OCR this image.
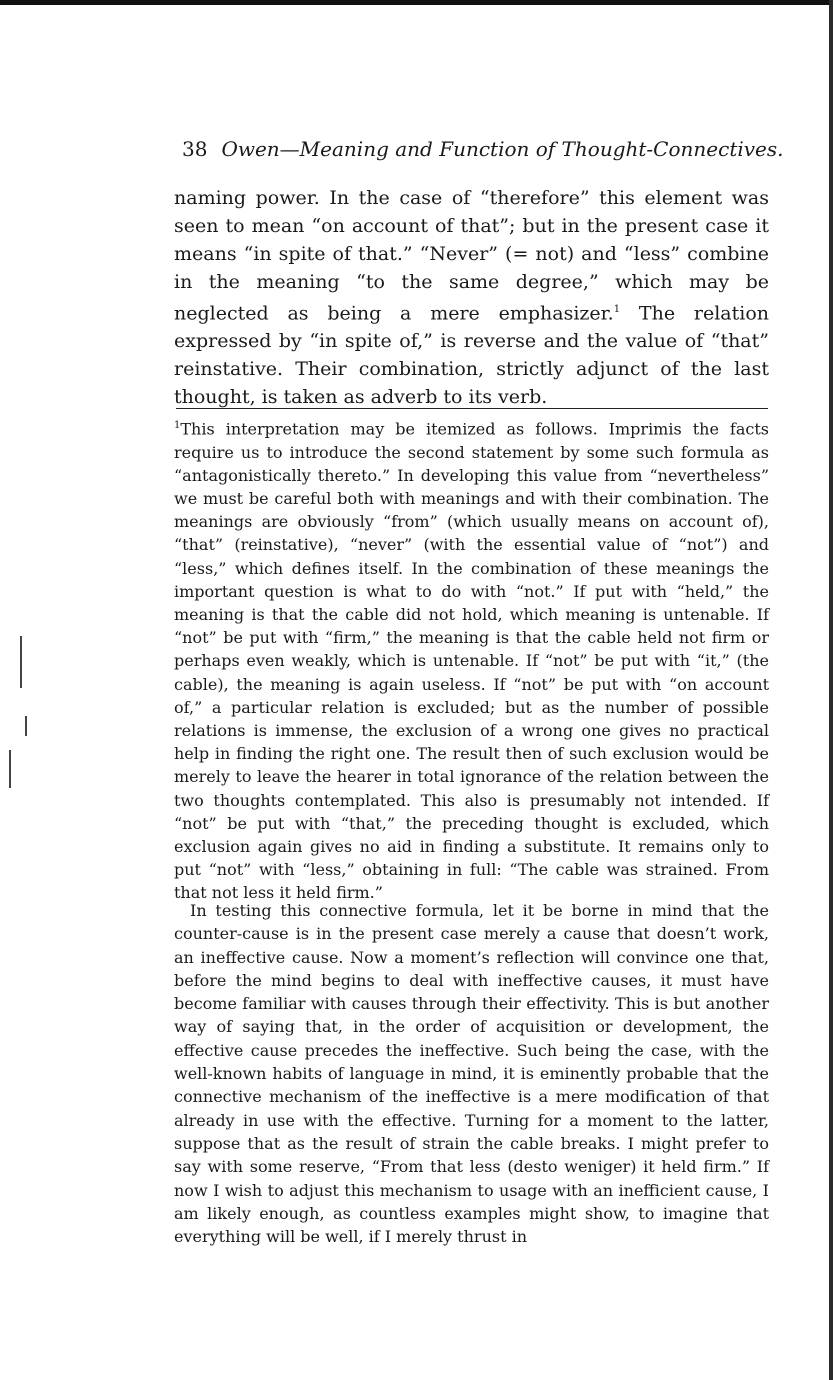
38 Owen—Meaning and Function of Thought-Connectives.
naming power. In the case of “therefore” this element was seen to mean “on account of that”; but in the present case it means “in spite of that.” “Never” (= not) and “less” combine in the meaning “to the same degree,” which may be neglected as being a mere emphasizer.$^1$ The relation expressed by “in spite of,” is reverse and the value of “that” reinstative. Their combination, strictly adjunct of the last thought, is taken as adverb to its verb.
$^1$This interpretation may be itemized as follows. Imprimis the facts require us to introduce the second statement by some such formula as “antagonistically thereto.” In developing this value from “nevertheless” we must be careful both with meanings and with their combination. The meanings are obviously “from” (which usually means on account of), “that” (reinstative), “never” (with the essential value of “not”) and “less,” which defines itself. In the combination of these meanings the important question is what to do with “not.” If put with “held,” the meaning is that the cable did not hold, which meaning is untenable. If “not” be put with “firm,” the meaning is that the cable held not firm or perhaps even weakly, which is untenable. If “not” be put with “it,” (the cable), the meaning is again useless. If “not” be put with “on account of,” a particular relation is excluded; but as the number of possible relations is immense, the exclusion of a wrong one gives no practical help in finding the right one. The result then of such exclusion would be merely to leave the hearer in total ignorance of the relation between the two thoughts contemplated. This also is presumably not intended. If “not” be put with “that,” the preceding thought is excluded, which exclusion again gives no aid in finding a substitute. It remains only to put “not” with “less,” obtaining in full: “The cable was strained. From that not less it held firm.”

In testing this connective formula, let it be borne in mind that the counter-cause is in the present case merely a cause that doesn’t work, an ineffective cause. Now a moment’s reflection will convince one that, before the mind begins to deal with ineffective causes, it must have become familiar with causes through their effectivity. This is but another way of saying that, in the order of acquisition or development, the effective cause precedes the ineffective. Such being the case, with the well-known habits of language in mind, it is eminently probable that the connective mechanism of the ineffective is a mere modification of that already in use with the effective. Turning for a moment to the latter, suppose that as the result of strain the cable breaks. I might prefer to say with some reserve, “From that less (desto weniger) it held firm.” If now I wish to adjust this mechanism to usage with an inefficient cause, I am likely enough, as countless examples might show, to imagine that everything will be well, if I merely thrust in
